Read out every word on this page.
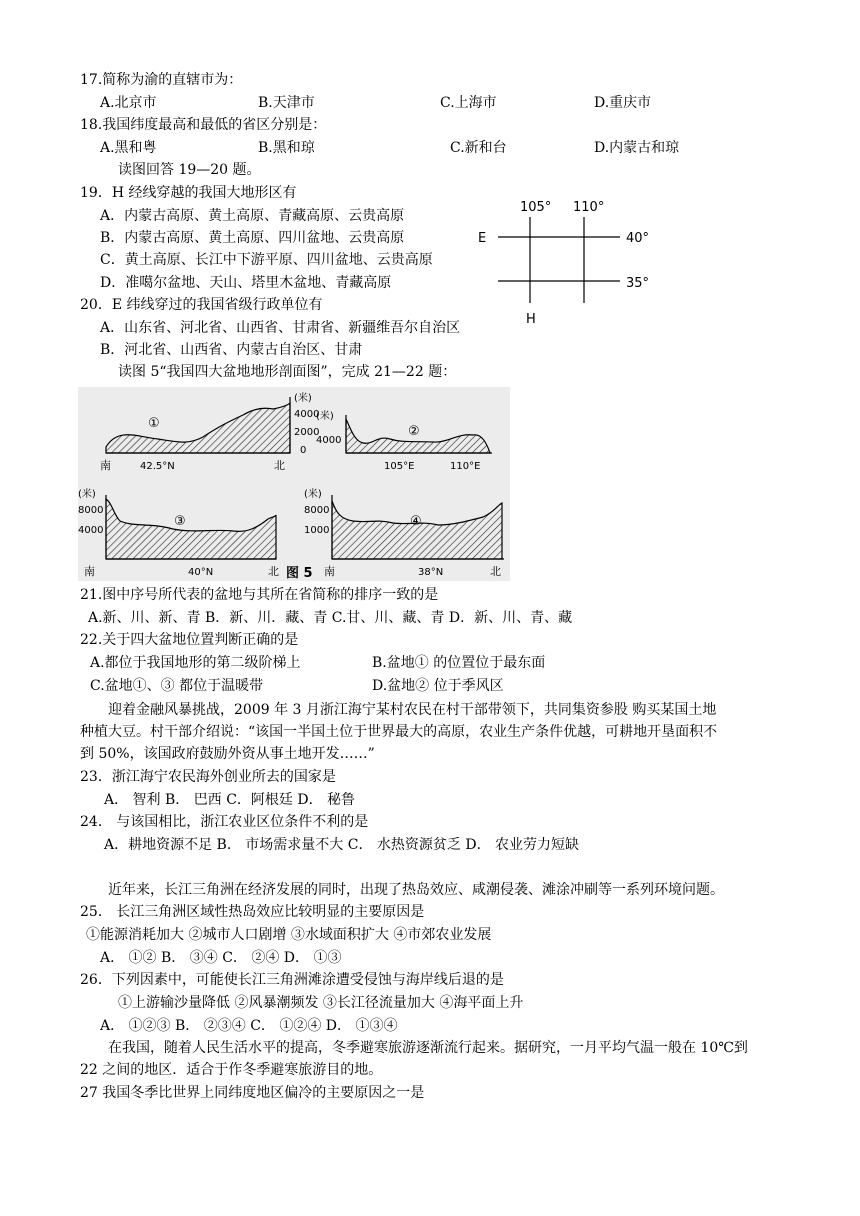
17.简称为渝的直辖市为：
A.北京市	B.天津市	C.上海市	D.重庆市
18.我国纬度最高和最低的省区分别是：
A.黑和粤	B.黑和琼	C.新和台	D.内蒙古和琼
读图回答 19—20 题。
19．H 经线穿越的我国大地形区有
A．内蒙古高原、黄土高原、青藏高原、云贵高原
B．内蒙古高原、黄土高原、四川盆地、云贵高原
C．黄土高原、长江中下游平原、四川盆地、云贵高原
D．准噶尔盆地、天山、塔里木盆地、青藏高原
20．E 纬线穿过的我国省级行政单位有
A．山东省、河北省、山西省、甘肃省、新疆维吾尔自治区
B．河北省、山西省、内蒙古自治区、甘肃
105° 110°
40°
35°
E
H
读图 5“我国四大盆地地形剖面图”，完成 21—22 题：
①
(米)
4000
2000
0
南	北
42.5°N
②
(米)
4000
105°E	110°E
③
(米)
8000
4000
南	北
40°N
④
(米)
8000
1000
南	北
38°N
图 5
21.图中序号所代表的盆地与其所在省简称的排序一致的是
A.新、川、新、青 B．新、川．藏、青 C.甘、川、藏、青 D．新、川、青、藏
22.关于四大盆地位置判断正确的是
A.都位于我国地形的第二级阶梯上	B.盆地① 的位置位于最东面
C.盆地①、③ 都位于温暖带	D.盆地② 位于季风区
迎着金融风暴挑战，2009 年 3 月浙江海宁某村农民在村干部带领下，共同集资参股 购买某国土地
种植大豆。村干部介绍说：“该国一半国土位于世界最大的高原，农业生产条件优越，可耕地开垦面积不
到 50%，该国政府鼓励外资从事土地开发……”
23．浙江海宁农民海外创业所去的国家是
A． 智利 B． 巴西 C．阿根廷 D． 秘鲁
24． 与该国相比，浙江农业区位条件不利的是
A．耕地资源不足 B． 市场需求量不大 C． 水热资源贫乏 D． 农业劳力短缺
近年来，长江三角洲在经济发展的同时，出现了热岛效应、咸潮侵袭、滩涂冲刷等一系列环境问题。
25． 长江三角洲区域性热岛效应比较明显的主要原因是
①能源消耗加大 ②城市人口剧增 ③水域面积扩大 ④市郊农业发展
A． ①② B． ③④ C． ②④ D． ①③
26．下列因素中，可能使长江三角洲滩涂遭受侵蚀与海岸线后退的是
①上游输沙量降低 ②风暴潮频发 ③长江径流量加大 ④海平面上升
A． ①②③ B． ②③④ C． ①②④ D． ①③④
在我国，随着人民生活水平的提高，冬季避寒旅游逐渐流行起来。据研究，一月平均气温一般在 10℃到
22 之间的地区．适合于作冬季避寒旅游目的地。
27 我国冬季比世界上同纬度地区偏冷的主要原因之一是
